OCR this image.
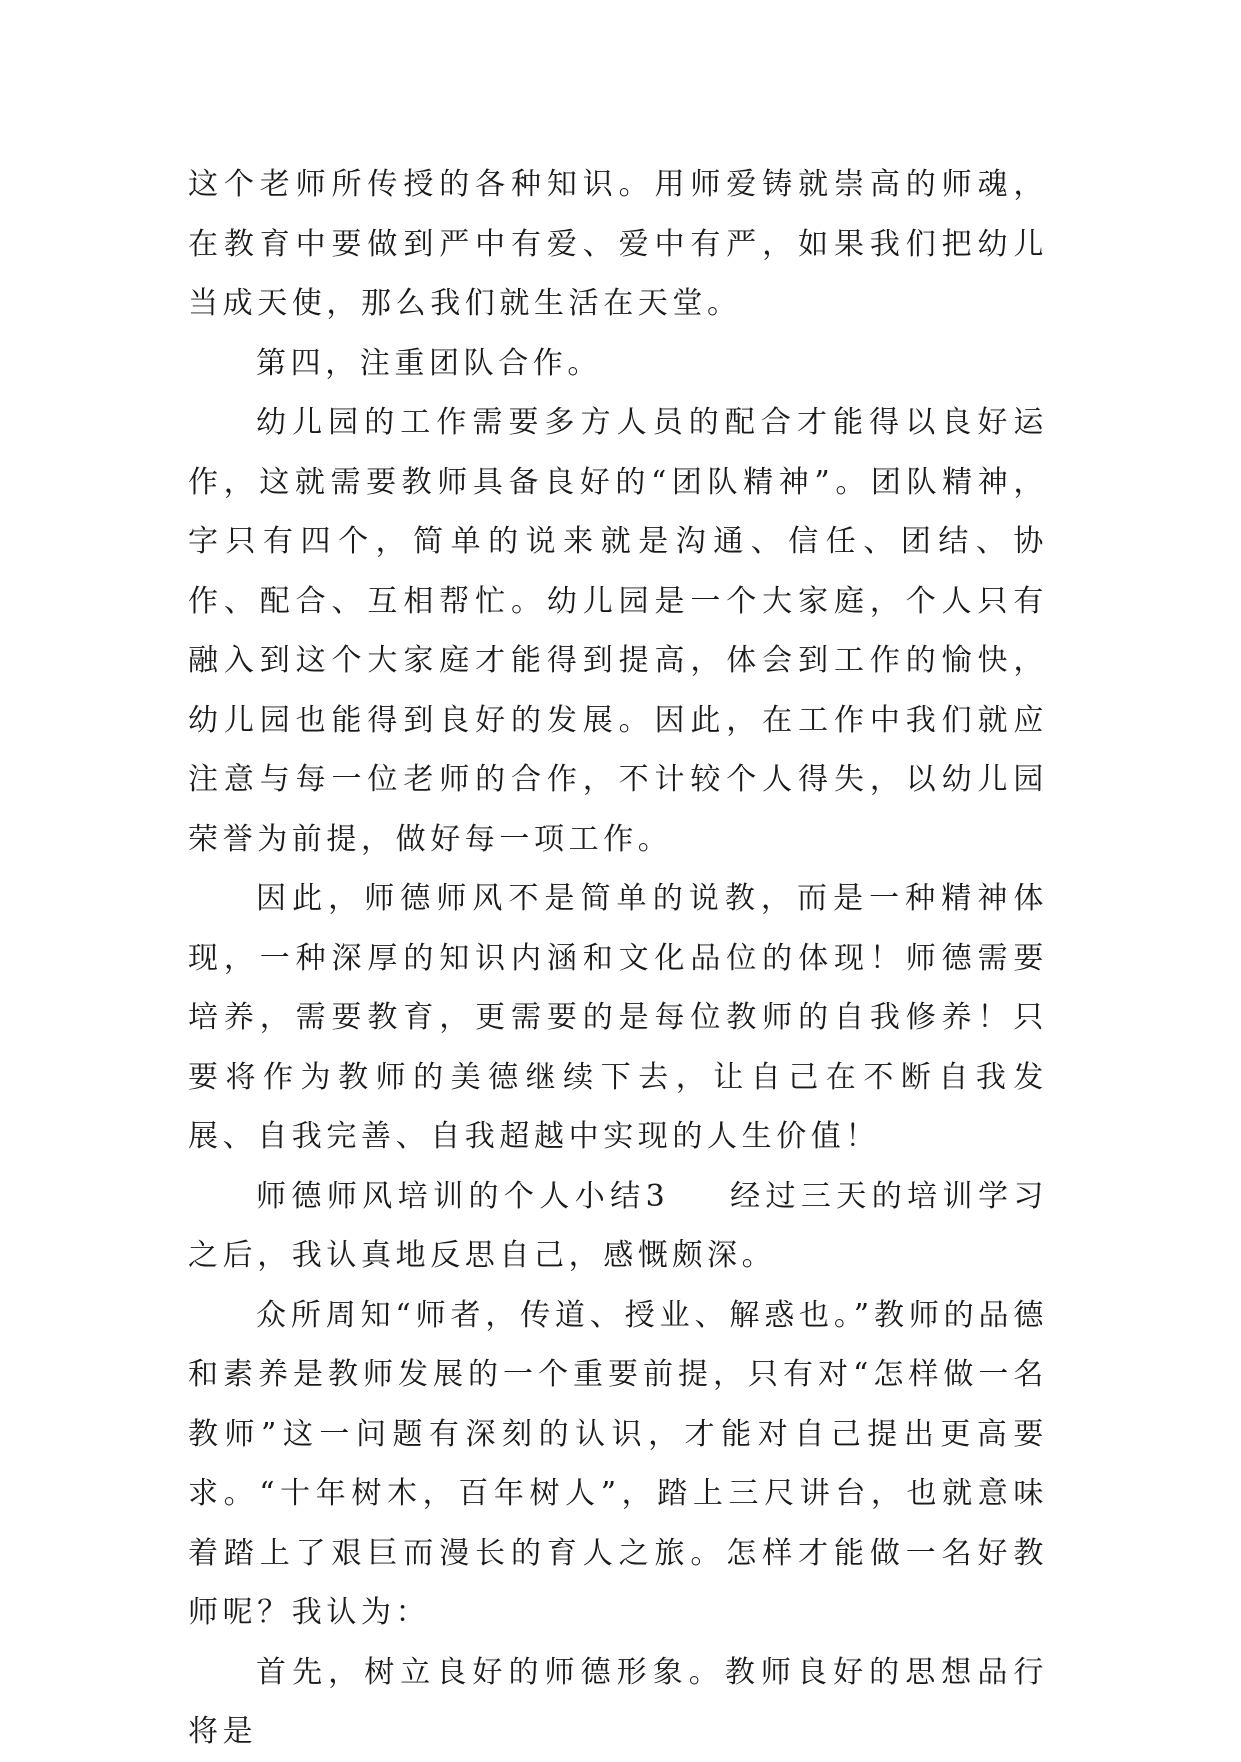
这个老师所传授的各种知识。用师爱铸就崇高的师魂，在教育中要做到严中有爱、爱中有严，如果我们把幼儿当成天使，那么我们就生活在天堂。

第四，注重团队合作。

幼儿园的工作需要多方人员的配合才能得以良好运作，这就需要教师具备良好的“团队精神”。团队精神，字只有四个，简单的说来就是沟通、信任、团结、协作、配合、互相帮忙。幼儿园是一个大家庭，个人只有融入到这个大家庭才能得到提高，体会到工作的愉快，幼儿园也能得到良好的发展。因此，在工作中我们就应注意与每一位老师的合作，不计较个人得失，以幼儿园荣誉为前提，做好每一项工作。

因此，师德师风不是简单的说教，而是一种精神体现，一种深厚的知识内涵和文化品位的体现！师德需要培养，需要教育，更需要的是每位教师的自我修养！只要将作为教师的美德继续下去，让自己在不断自我发展、自我完善、自我超越中实现的人生价值！

师德师风培训的个人小结3 经过三天的培训学习之后，我认真地反思自己，感慨颇深。

众所周知“师者，传道、授业、解惑也。”教师的品德和素养是教师发展的一个重要前提，只有对“怎样做一名教师”这一问题有深刻的认识，才能对自己提出更高要求。“十年树木，百年树人”，踏上三尺讲台，也就意味着踏上了艰巨而漫长的育人之旅。怎样才能做一名好教师呢？我认为：

首先，树立良好的师德形象。教师良好的思想品行将是
